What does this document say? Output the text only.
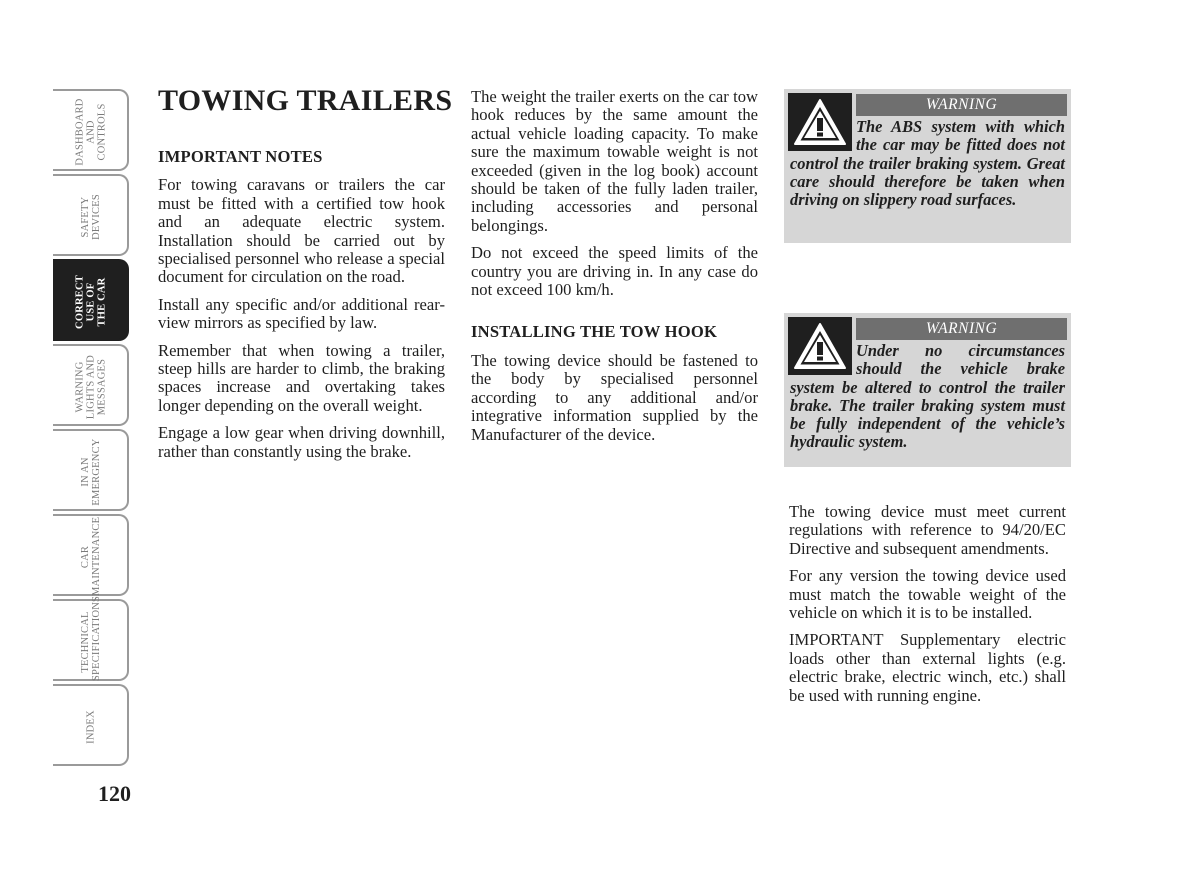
DASHBOARD
AND CONTROLS
SAFETY
DEVICES
CORRECT
USE OF
THE CAR
WARNING
LIGHTS AND
MESSAGES
IN AN
EMERGENCY
CAR
MAINTENANCE
TECHNICAL
SPECIFICATIONS
INDEX
120
TOWING TRAILERS
IMPORTANT NOTES

For towing caravans or trailers the car must be fitted with a certified tow hook and an adequate electric system. Installation should be carried out by specialised personnel who release a special document for circulation on the road.

Install any specific and/or additional rear-view mirrors as specified by law.

Remember that when towing a trailer, steep hills are harder to climb, the braking spaces increase and overtaking takes longer depending on the overall weight.

Engage a low gear when driving downhill, rather than constantly using the brake.

The weight the trailer exerts on the car tow hook reduces by the same amount the actual vehicle loading capacity. To make sure the maximum towable weight is not exceeded (given in the log book) account should be taken of the fully laden trailer, including accessories and personal belongings.

Do not exceed the speed limits of the country you are driving in. In any case do not exceed 100 km/h.

INSTALLING THE TOW HOOK

The towing device should be fastened to the body by specialised personnel according to any additional and/or integrative information supplied by the Manufacturer of the device.

WARNING
The ABS system with which the car may be fitted does not control the trailer braking system. Great care should therefore be taken when driving on slippery road surfaces.
WARNING
Under no circumstances should the vehicle brake system be altered to control the trailer brake. The trailer braking system must be fully independent of the vehicle’s hydraulic system.

The towing device must meet current regulations with reference to 94/20/EC Directive and subsequent amendments.

For any version the towing device used must match the towable weight of the vehicle on which it is to be installed.

IMPORTANT Supplementary electric loads other than external lights (e.g. electric brake, electric winch, etc.) shall be used with running engine.
